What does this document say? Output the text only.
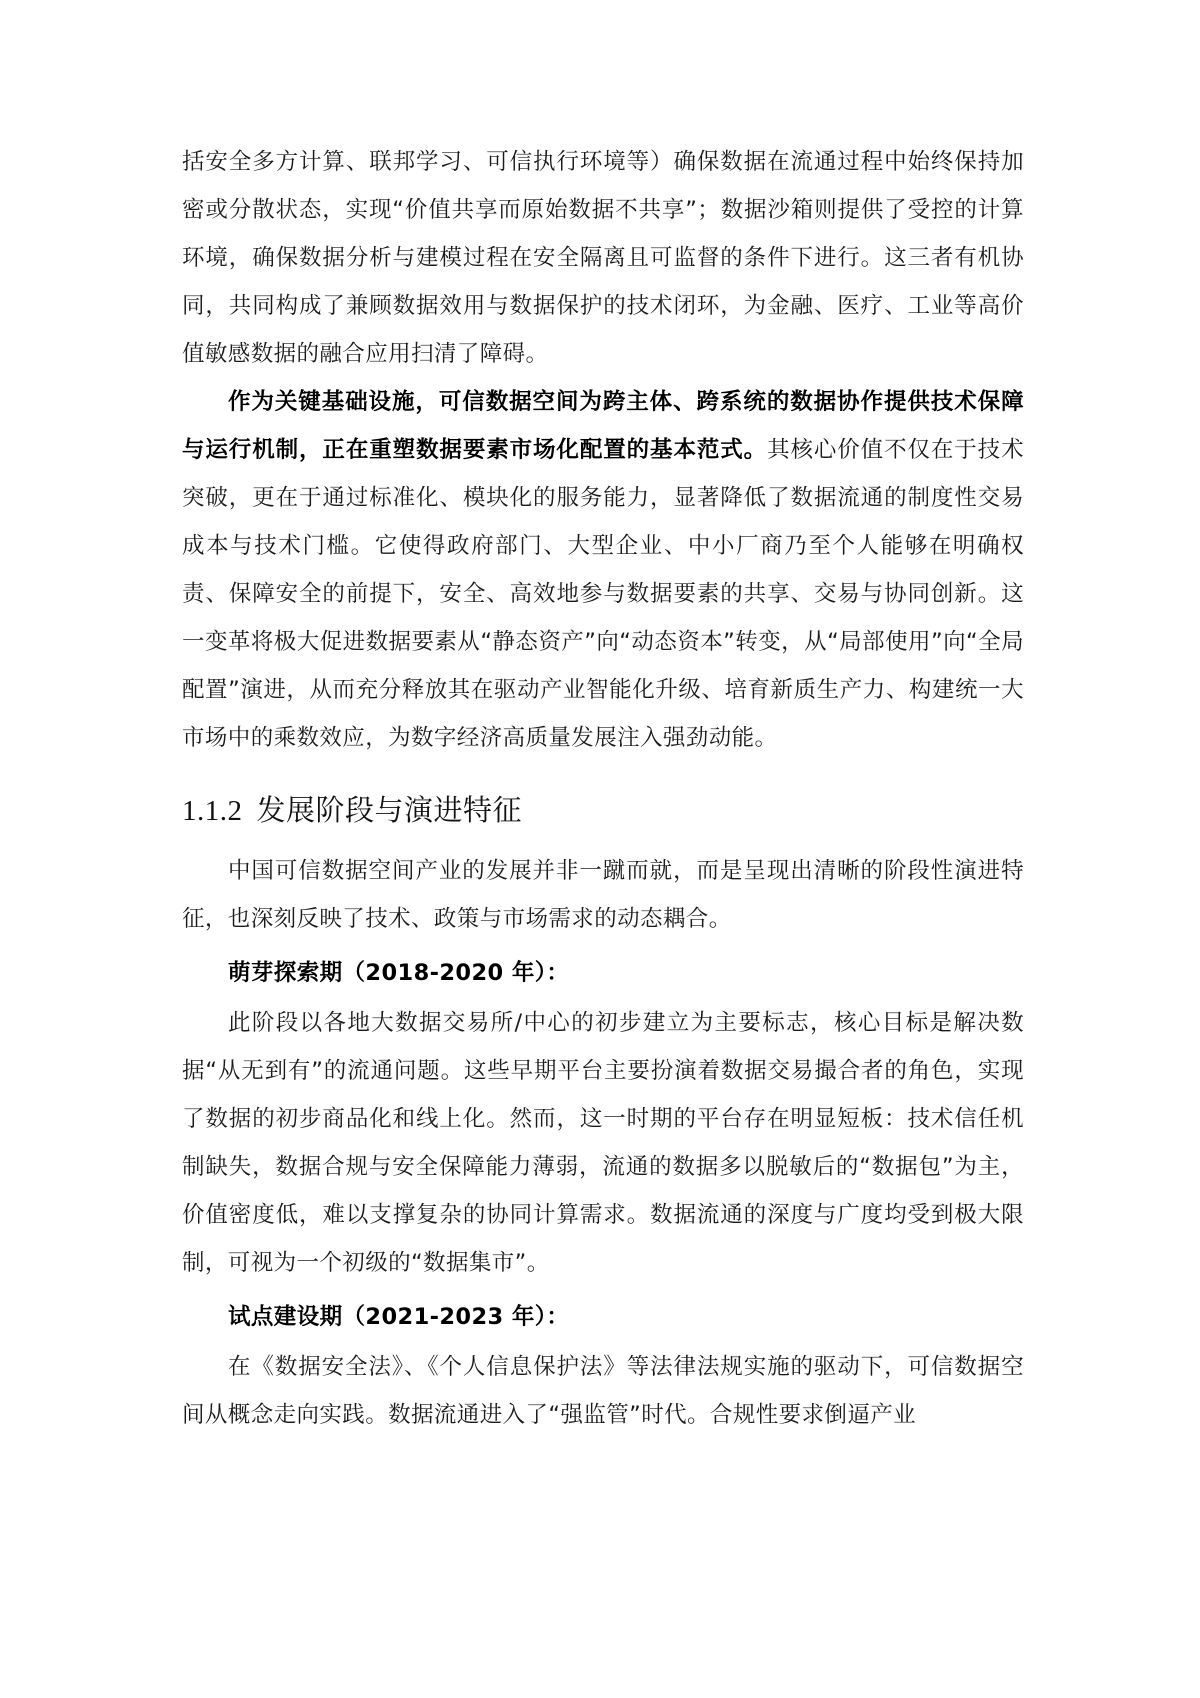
括安全多方计算、联邦学习、可信执行环境等）确保数据在流通过程中始终保持加密或分散状态，实现“价值共享而原始数据不共享”；数据沙箱则提供了受控的计算环境，确保数据分析与建模过程在安全隔离且可监督的条件下进行。这三者有机协同，共同构成了兼顾数据效用与数据保护的技术闭环，为金融、医疗、工业等高价值敏感数据的融合应用扫清了障碍。

作为关键基础设施，可信数据空间为跨主体、跨系统的数据协作提供技术保障与运行机制，正在重塑数据要素市场化配置的基本范式。其核心价值不仅在于技术突破，更在于通过标准化、模块化的服务能力，显著降低了数据流通的制度性交易成本与技术门槛。它使得政府部门、大型企业、中小厂商乃至个人能够在明确权责、保障安全的前提下，安全、高效地参与数据要素的共享、交易与协同创新。这一变革将极大促进数据要素从“静态资产”向“动态资本”转变，从“局部使用”向“全局配置”演进，从而充分释放其在驱动产业智能化升级、培育新质生产力、构建统一大市场中的乘数效应，为数字经济高质量发展注入强劲动能。

1.1.2 发展阶段与演进特征

中国可信数据空间产业的发展并非一蹴而就，而是呈现出清晰的阶段性演进特征，也深刻反映了技术、政策与市场需求的动态耦合。

萌芽探索期（2018-2020 年）：

此阶段以各地大数据交易所/中心的初步建立为主要标志，核心目标是解决数据“从无到有”的流通问题。这些早期平台主要扮演着数据交易撮合者的角色，实现了数据的初步商品化和线上化。然而，这一时期的平台存在明显短板：技术信任机制缺失，数据合规与安全保障能力薄弱，流通的数据多以脱敏后的“数据包”为主，价值密度低，难以支撑复杂的协同计算需求。数据流通的深度与广度均受到极大限制，可视为一个初级的“数据集市”。

试点建设期（2021-2023 年）：

在《数据安全法》、《个人信息保护法》等法律法规实施的驱动下，可信数据空间从概念走向实践。数据流通进入了“强监管”时代。合规性要求倒逼产业
